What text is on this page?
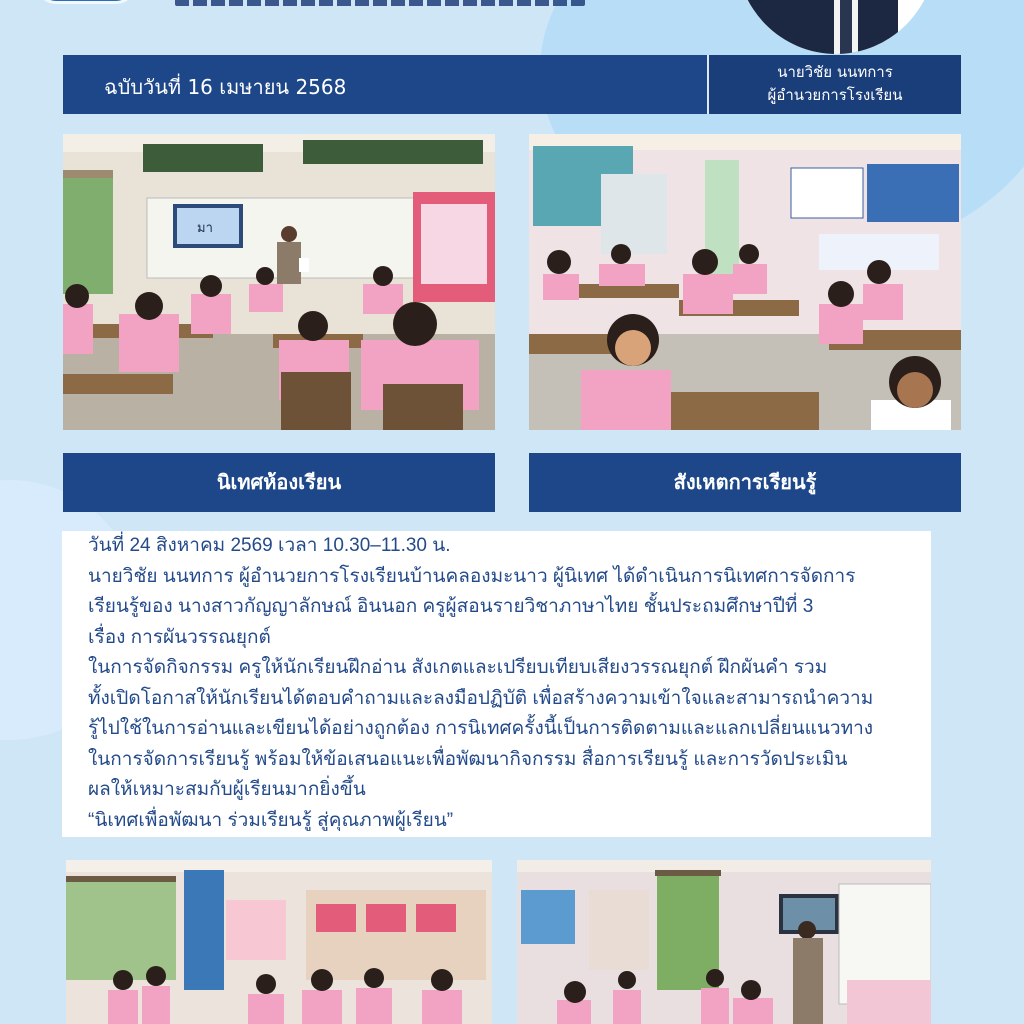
ฉบับวันที่ 16 เมษายน 2568
นายวิชัย นนทการ
ผู้อำนวยการโรงเรียน
มา
นิเทศห้องเรียน	สังเหตการเรียนรู้

วันที่ 24 สิงหาคม 2569 เวลา 10.30–11.30 น.

นายวิชัย นนทการ ผู้อำนวยการโรงเรียนบ้านคลองมะนาว ผู้นิเทศ ได้ดำเนินการนิเทศการจัดการ

เรียนรู้ของ นางสาวกัญญาลักษณ์ อินนอก ครูผู้สอนรายวิชาภาษาไทย ชั้นประถมศึกษาปีที่ 3

เรื่อง การผันวรรณยุกต์

ในการจัดกิจกรรม ครูให้นักเรียนฝึกอ่าน สังเกตและเปรียบเทียบเสียงวรรณยุกต์ ฝึกผันคำ รวม

ทั้งเปิดโอกาสให้นักเรียนได้ตอบคำถามและลงมือปฏิบัติ เพื่อสร้างความเข้าใจและสามารถนำความ

รู้ไปใช้ในการอ่านและเขียนได้อย่างถูกต้อง การนิเทศครั้งนี้เป็นการติดตามและแลกเปลี่ยนแนวทาง

ในการจัดการเรียนรู้ พร้อมให้ข้อเสนอแนะเพื่อพัฒนากิจกรรม สื่อการเรียนรู้ และการวัดประเมิน

ผลให้เหมาะสมกับผู้เรียนมากยิ่งขึ้น

“นิเทศเพื่อพัฒนา ร่วมเรียนรู้ สู่คุณภาพผู้เรียน”
